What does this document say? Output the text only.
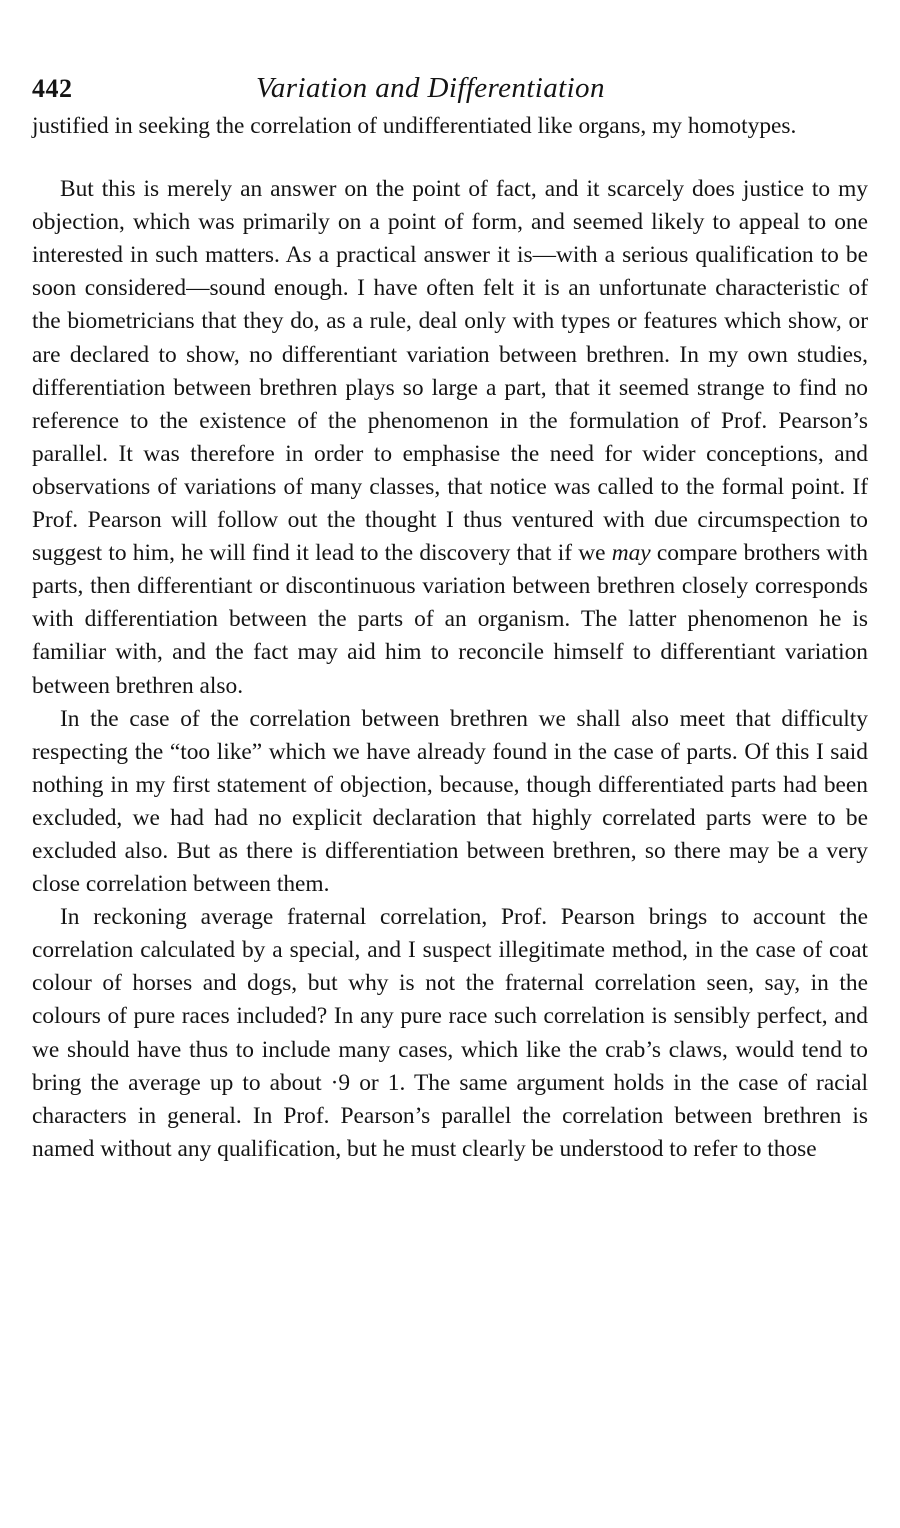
442	Variation and Differentiation

justified in seeking the correlation of undifferentiated like organs, my homotypes.

But this is merely an answer on the point of fact, and it scarcely does justice to my objection, which was primarily on a point of form, and seemed likely to appeal to one interested in such matters. As a practical answer it is—with a serious qualification to be soon considered—sound enough. I have often felt it is an unfortunate characteristic of the biometricians that they do, as a rule, deal only with types or features which show, or are declared to show, no differentiant variation between brethren. In my own studies, differentiation between brethren plays so large a part, that it seemed strange to find no reference to the existence of the phenomenon in the formulation of Prof. Pearson’s parallel. It was therefore in order to emphasise the need for wider conceptions, and observations of variations of many classes, that notice was called to the formal point. If Prof. Pearson will follow out the thought I thus ventured with due circumspection to suggest to him, he will find it lead to the discovery that if we may compare brothers with parts, then differentiant or discontinuous variation between brethren closely corresponds with differentiation between the parts of an organism. The latter phenomenon he is familiar with, and the fact may aid him to reconcile himself to differentiant variation between brethren also.

In the case of the correlation between brethren we shall also meet that difficulty respecting the “too like” which we have already found in the case of parts. Of this I said nothing in my first statement of objection, because, though differentiated parts had been excluded, we had had no explicit declaration that highly correlated parts were to be excluded also. But as there is differentiation between brethren, so there may be a very close correlation between them.

In reckoning average fraternal correlation, Prof. Pearson brings to account the correlation calculated by a special, and I suspect illegitimate method, in the case of coat colour of horses and dogs, but why is not the fraternal correlation seen, say, in the colours of pure races included? In any pure race such correlation is sensibly perfect, and we should have thus to include many cases, which like the crab’s claws, would tend to bring the average up to about ·9 or 1. The same argument holds in the case of racial characters in general. In Prof. Pearson’s parallel the correlation between brethren is named without any qualification, but he must clearly be understood to refer to those
